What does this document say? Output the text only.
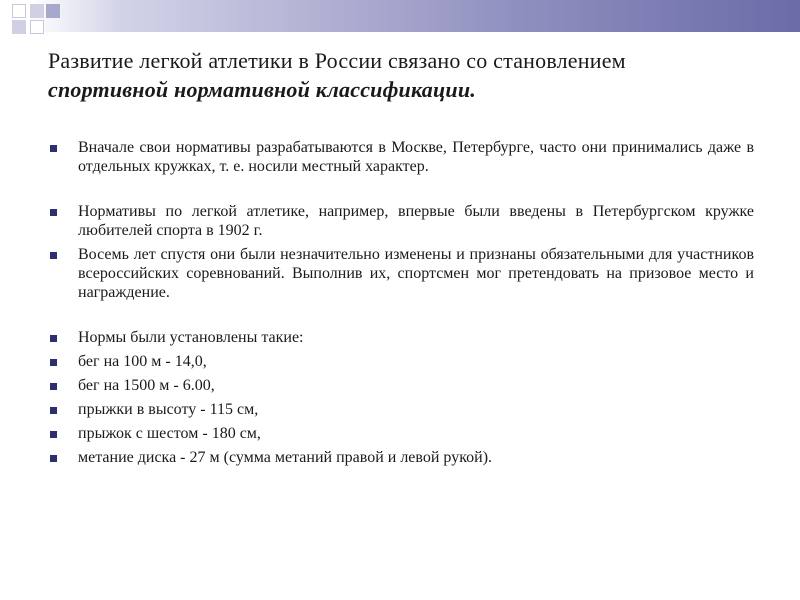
Развитие легкой атлетики в России связано со становлением
спортивной нормативной классификации.
Вначале свои нормативы разрабатываются в Москве, Петербурге, часто они принимались даже в отдельных кружках, т. е. носили местный характер.
Нормативы по легкой атлетике, например, впервые были введены в Петербургском кружке любителей спорта в 1902 г.
Восемь лет спустя они были незначительно изменены и признаны обязательными для участников всероссийских соревнований. Выполнив их, спортсмен мог претендовать на призовое место и награждение.
Нормы были установлены такие:
бег на 100 м - 14,0,
бег на 1500 м - 6.00,
прыжки в высоту - 115 см,
прыжок с шестом - 180 см,
метание диска - 27 м (сумма метаний правой и левой рукой).
